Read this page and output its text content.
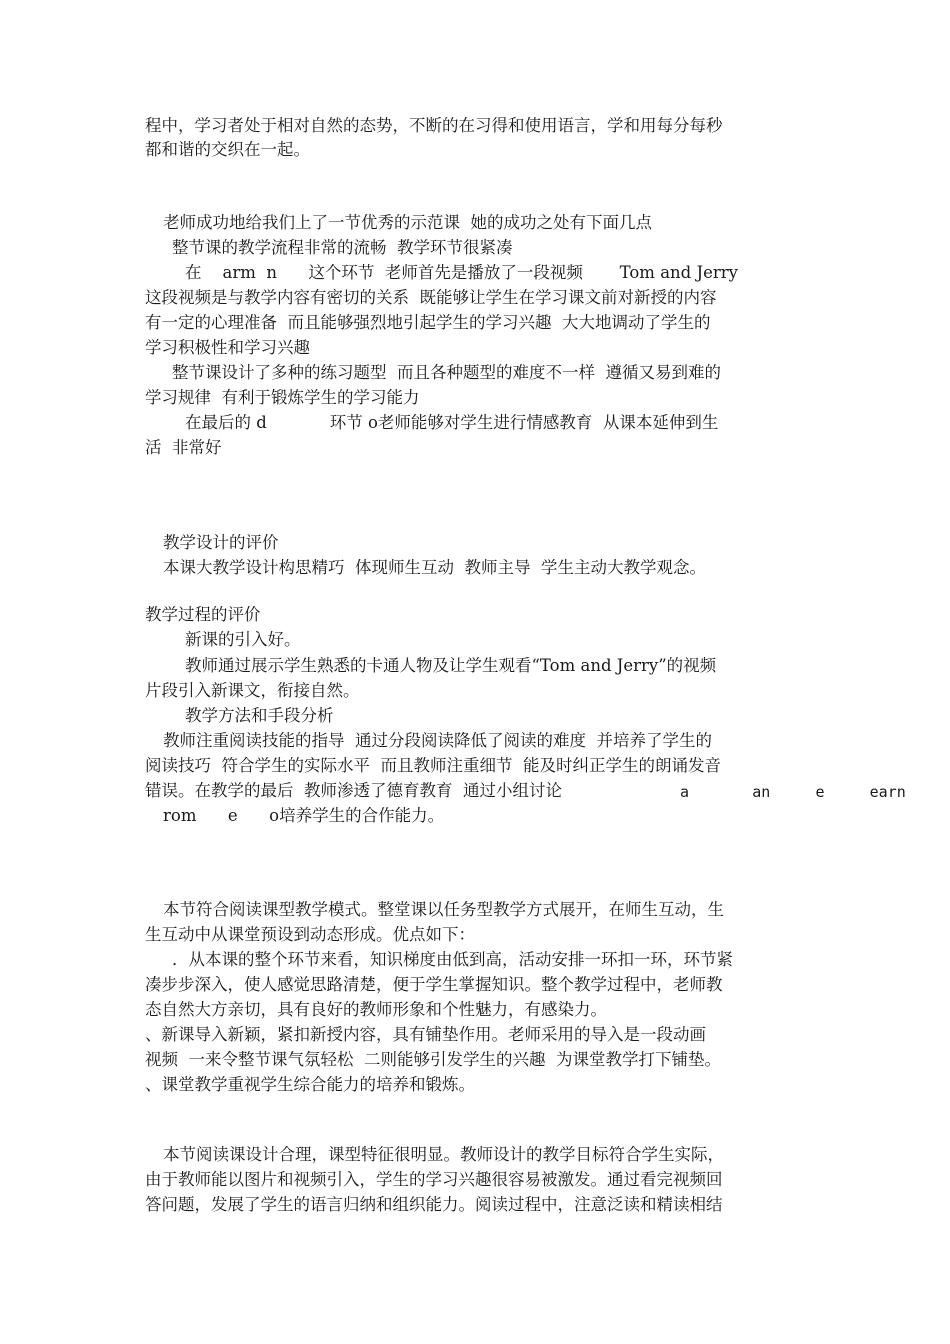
程中，学习者处于相对自然的态势，不断的在习得和使用语言，学和用每分每秒
都和谐的交织在一起。
老师成功地给我们上了一节优秀的示范课  她的成功之处有下面几点
整节课的教学流程非常的流畅  教学环节很紧凑
在    arm  n      这个环节  老师首先是播放了一段视频       Tom and Jerry
这段视频是与教学内容有密切的关系  既能够让学生在学习课文前对新授的内容
有一定的心理准备  而且能够强烈地引起学生的学习兴趣  大大地调动了学生的
学习积极性和学习兴趣
整节课设计了多种的练习题型  而且各种题型的难度不一样  遵循又易到难的
学习规律  有利于锻炼学生的学习能力
在最后的 d            环节 o老师能够对学生进行情感教育  从课本延伸到生
活  非常好
教学设计的评价
本课大教学设计构思精巧  体现师生互动  教师主导  学生主动大教学观念。
教学过程的评价
新课的引入好。
教师通过展示学生熟悉的卡通人物及让学生观看“Tom and Jerry”的视频
片段引入新课文，衔接自然。
教学方法和手段分析
教师注重阅读技能的指导  通过分段阅读降低了阅读的难度  并培养了学生的
阅读技巧  符合学生的实际水平  而且教师注重细节  能及时纠正学生的朗诵发音
错误。在教学的最后  教师渗透了德育教育  通过小组讨论	a       an     e     earn
rom      e      o培养学生的合作能力。
本节符合阅读课型教学模式。整堂课以任务型教学方式展开，在师生互动，生
生互动中从课堂预设到动态形成。优点如下：
．从本课的整个环节来看，知识梯度由低到高，活动安排一环扣一环，环节紧
凑步步深入，使人感觉思路清楚，便于学生掌握知识。整个教学过程中，老师教
态自然大方亲切，具有良好的教师形象和个性魅力，有感染力。
、新课导入新颖，紧扣新授内容，具有铺垫作用。老师采用的导入是一段动画
视频  一来令整节课气氛轻松  二则能够引发学生的兴趣  为课堂教学打下铺垫。
、课堂教学重视学生综合能力的培养和锻炼。
本节阅读课设计合理，课型特征很明显。教师设计的教学目标符合学生实际，
由于教师能以图片和视频引入，学生的学习兴趣很容易被激发。通过看完视频回
答问题，发展了学生的语言归纳和组织能力。阅读过程中，注意泛读和精读相结
